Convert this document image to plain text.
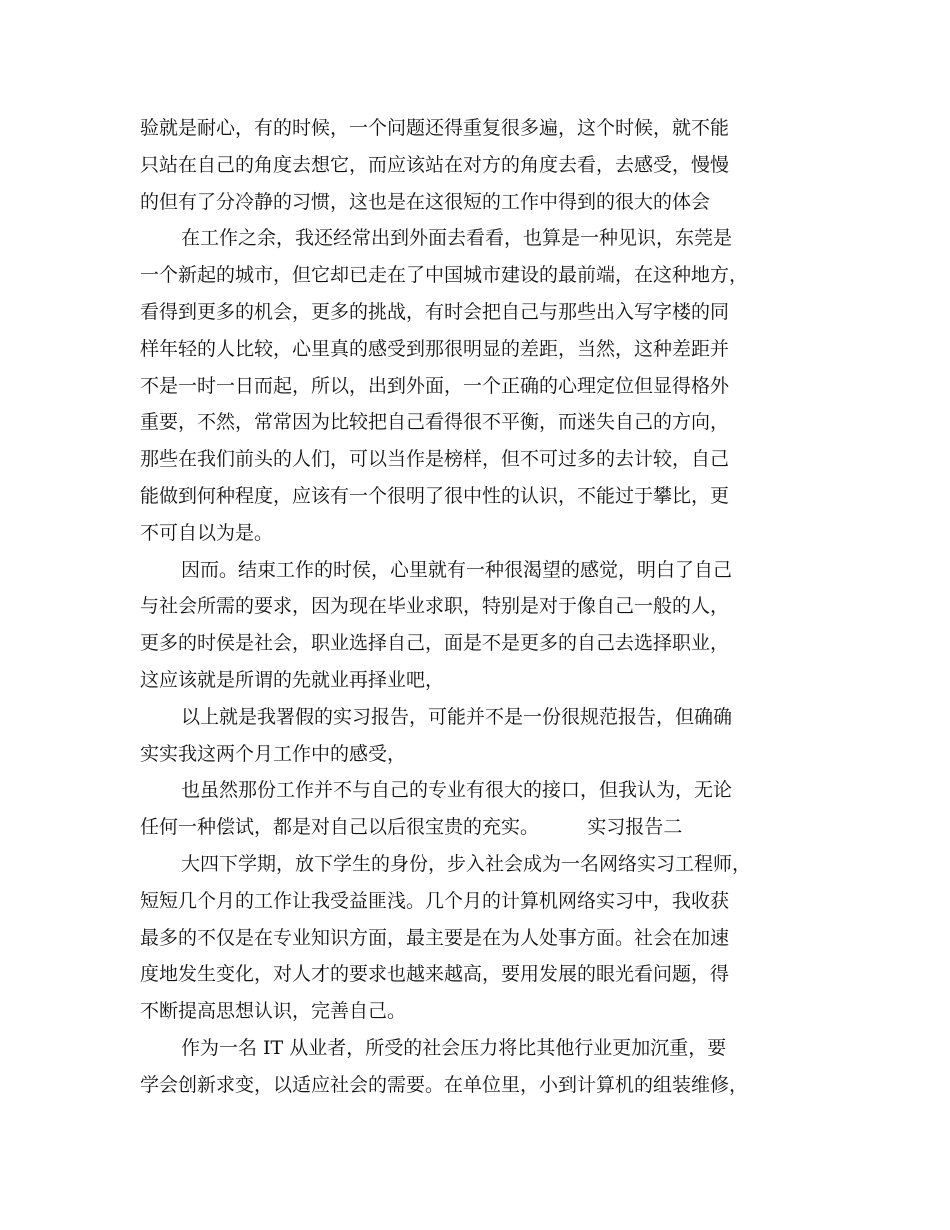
验就是耐心，有的时候，一个问题还得重复很多遍，这个时候，就不能
只站在自己的角度去想它，而应该站在对方的角度去看，去感受，慢慢
的但有了分冷静的习惯，这也是在这很短的工作中得到的很大的体会
在工作之余，我还经常出到外面去看看，也算是一种见识，东莞是
一个新起的城市，但它却已走在了中国城市建设的最前端，在这种地方，
看得到更多的机会，更多的挑战，有时会把自己与那些出入写字楼的同
样年轻的人比较，心里真的感受到那很明显的差距，当然，这种差距并
不是一时一日而起，所以，出到外面，一个正确的心理定位但显得格外
重要，不然，常常因为比较把自己看得很不平衡，而迷失自己的方向，
那些在我们前头的人们，可以当作是榜样，但不可过多的去计较，自己
能做到何种程度，应该有一个很明了很中性的认识，不能过于攀比，更
不可自以为是。
因而。结束工作的时侯，心里就有一种很渴望的感觉，明白了自己
与社会所需的要求，因为现在毕业求职，特别是对于像自己一般的人，
更多的时侯是社会，职业选择自己，面是不是更多的自己去选择职业，
这应该就是所谓的先就业再择业吧，
以上就是我署假的实习报告，可能并不是一份很规范报告，但确确
实实我这两个月工作中的感受，
也虽然那份工作并不与自己的专业有很大的接口，但我认为，无论
任何一种偿试，都是对自己以后很宝贵的充实。        实习报告二
大四下学期，放下学生的身份，步入社会成为一名网络实习工程师，
短短几个月的工作让我受益匪浅。几个月的计算机网络实习中，我收获
最多的不仅是在专业知识方面，最主要是在为人处事方面。社会在加速
度地发生变化，对人才的要求也越来越高，要用发展的眼光看问题，得
不断提高思想认识，完善自己。
作为一名 IT 从业者，所受的社会压力将比其他行业更加沉重，要
学会创新求变，以适应社会的需要。在单位里，小到计算机的组装维修，
